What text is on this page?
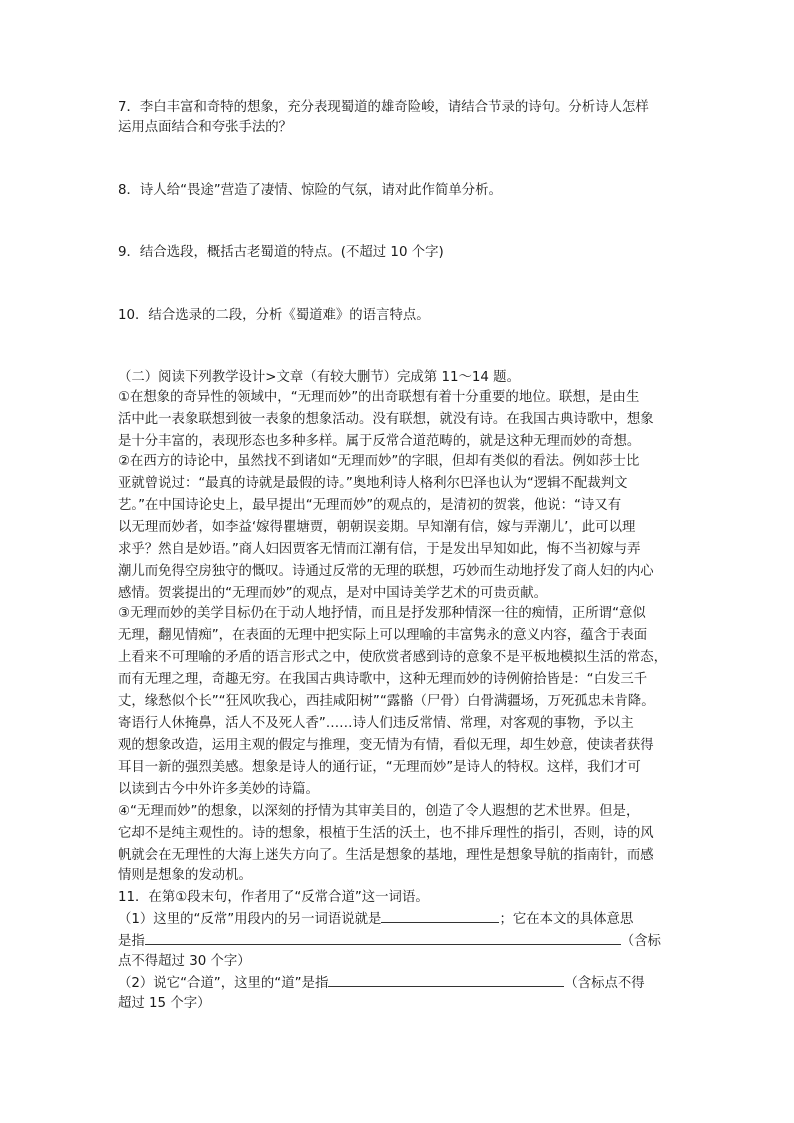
7．李白丰富和奇特的想象，充分表现蜀道的雄奇险峻，请结合节录的诗句。分析诗人怎样
运用点面结合和夸张手法的？
8．诗人给“畏途”营造了凄情、惊险的气氛，请对此作简单分析。
9．结合选段，概括古老蜀道的特点。(不超过 10 个字)
10．结合选录的二段，分析《蜀道难》的语言特点。
（二）阅读下列教学设计>文章（有较大删节）完成第 11～14 题。
①在想象的奇异性的领域中，“无理而妙”的出奇联想有着十分重要的地位。联想，是由生
活中此一表象联想到彼一表象的想象活动。没有联想，就没有诗。在我国古典诗歌中，想象
是十分丰富的，表现形态也多种多样。属于反常合道范畴的，就是这种无理而妙的奇想。
②在西方的诗论中，虽然找不到诸如“无理而妙”的字眼，但却有类似的看法。例如莎士比
亚就曾说过：“最真的诗就是最假的诗。”奥地利诗人格利尔巴泽也认为“逻辑不配裁判文
艺。”在中国诗论史上，最早提出“无理而妙”的观点的，是清初的贺裳，他说：“诗又有
以无理而妙者，如李益‘嫁得瞿塘贾，朝朝误妾期。早知潮有信，嫁与弄潮儿’，此可以理
求乎？然自是妙语。”商人妇因贾客无情而江潮有信，于是发出早知如此，悔不当初嫁与弄
潮儿而免得空房独守的慨叹。诗通过反常的无理的联想，巧妙而生动地抒发了商人妇的内心
感情。贺裳提出的“无理而妙”的观点，是对中国诗美学艺术的可贵贡献。
③无理而妙的美学目标仍在于动人地抒情，而且是抒发那种情深一往的痴情，正所谓“意似
无理，翻见情痴”，在表面的无理中把实际上可以理喻的丰富隽永的意义内容，蕴含于表面
上看来不可理喻的矛盾的语言形式之中，使欣赏者感到诗的意象不是平板地模拟生活的常态，
而有无理之理，奇趣无穷。在我国古典诗歌中，这种无理而妙的诗例俯拾皆是：“白发三千
丈，缘愁似个长”“狂风吹我心，西挂咸阳树”“露骼（尸骨）白骨满疆场，万死孤忠未肯降。
寄语行人休掩鼻，活人不及死人香”……诗人们违反常情、常理，对客观的事物，予以主
观的想象改造，运用主观的假定与推理，变无情为有情，看似无理，却生妙意，使读者获得
耳目一新的强烈美感。想象是诗人的通行证，“无理而妙”是诗人的特权。这样，我们才可
以读到古今中外许多美妙的诗篇。
④“无理而妙”的想象，以深刻的抒情为其审美目的，创造了令人遐想的艺术世界。但是，
它却不是纯主观性的。诗的想象，根植于生活的沃土，也不排斥理性的指引，否则，诗的风
帆就会在无理性的大海上迷失方向了。生活是想象的基地，理性是想象导航的指南针，而感
情则是想象的发动机。
11．在第①段末句，作者用了“反常合道”这一词语。
（1）这里的“反常”用段内的另一词语说就是	；它在本文的具体意思
是指	（含标
点不得超过 30 个字）
（2）说它“合道”，这里的“道”是指	（含标点不得
超过 15 个字）
